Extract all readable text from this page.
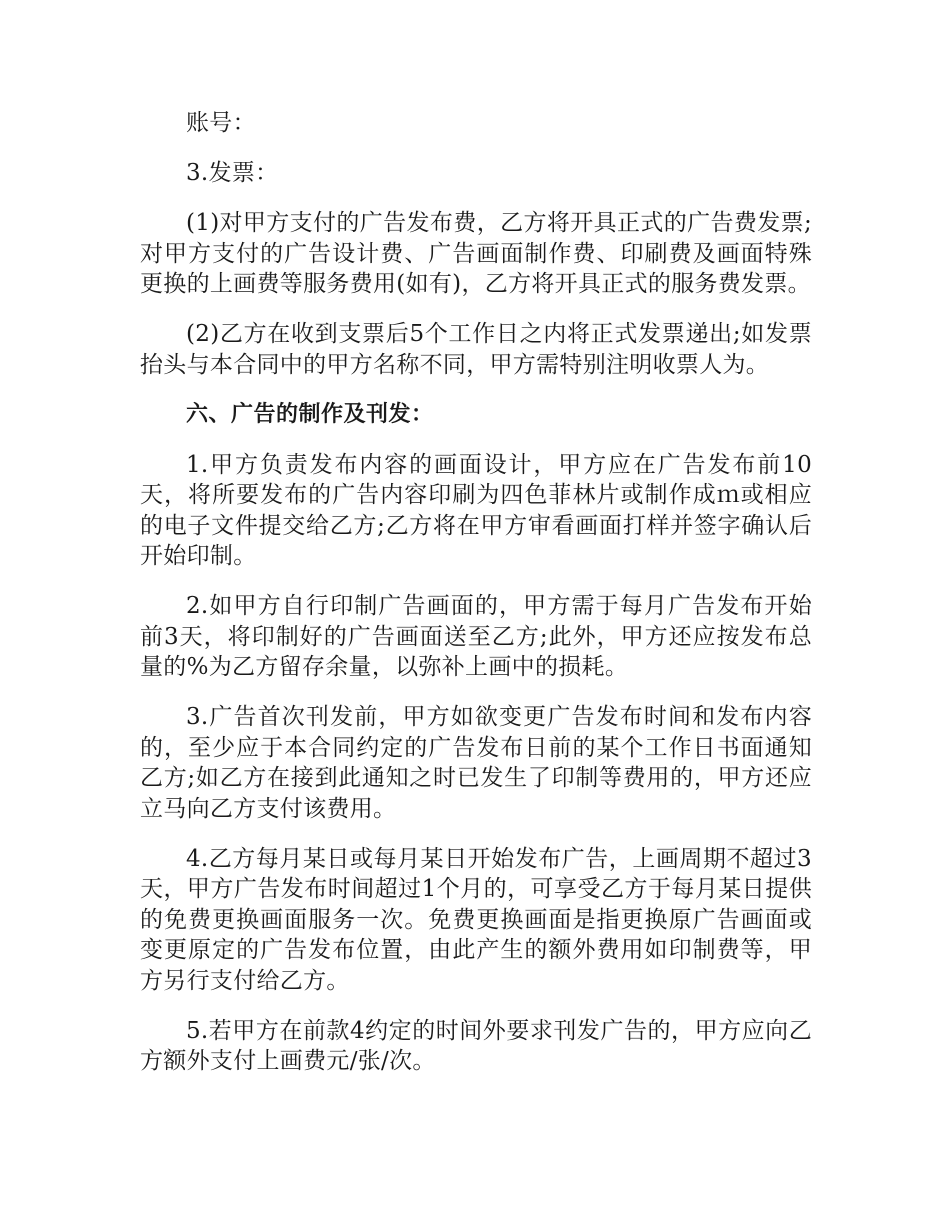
账号：

3.发票：

(1)对甲方支付的广告发布费，乙方将开具正式的广告费发票;对甲方支付的广告设计费、广告画面制作费、印刷费及画面特殊更换的上画费等服务费用(如有)，乙方将开具正式的服务费发票。

(2)乙方在收到支票后5个工作日之内将正式发票递出;如发票抬头与本合同中的甲方名称不同，甲方需特别注明收票人为。

六、广告的制作及刊发：

1.甲方负责发布内容的画面设计，甲方应在广告发布前10天，将所要发布的广告内容印刷为四色菲林片或制作成ｍ或相应的电子文件提交给乙方;乙方将在甲方审看画面打样并签字确认后开始印制。

2.如甲方自行印制广告画面的，甲方需于每月广告发布开始前3天，将印制好的广告画面送至乙方;此外，甲方还应按发布总量的%为乙方留存余量，以弥补上画中的损耗。

3.广告首次刊发前，甲方如欲变更广告发布时间和发布内容的，至少应于本合同约定的广告发布日前的某个工作日书面通知乙方;如乙方在接到此通知之时已发生了印制等费用的，甲方还应立马向乙方支付该费用。

4.乙方每月某日或每月某日开始发布广告，上画周期不超过3天，甲方广告发布时间超过1个月的，可享受乙方于每月某日提供的免费更换画面服务一次。免费更换画面是指更换原广告画面或变更原定的广告发布位置，由此产生的额外费用如印制费等，甲方另行支付给乙方。

5.若甲方在前款4约定的时间外要求刊发广告的，甲方应向乙方额外支付上画费元/张/次。
